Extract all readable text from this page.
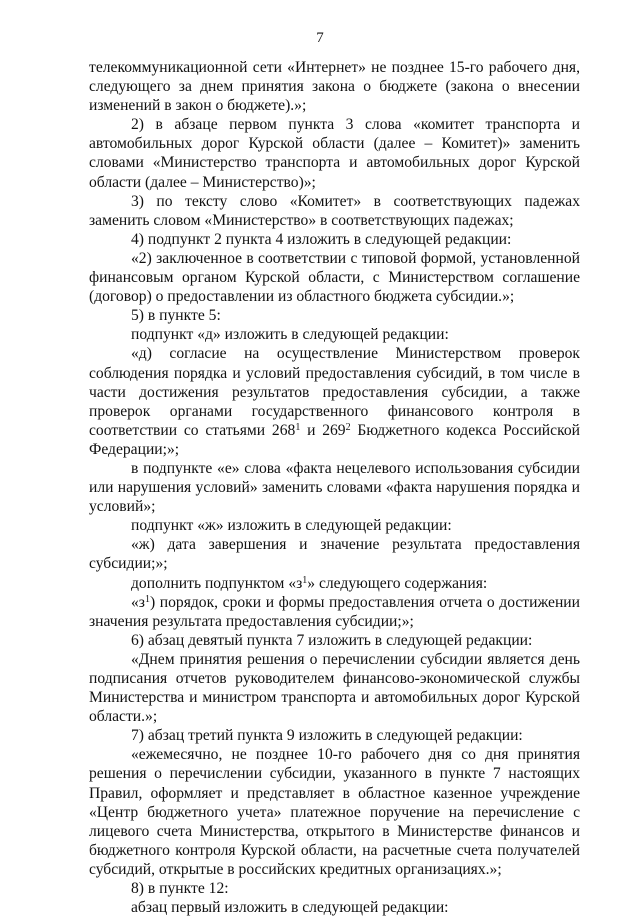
7

телекоммуникационной сети «Интернет» не позднее 15-го рабочего дня, следующего за днем принятия закона о бюджете (закона о внесении изменений в закон о бюджете).»;

2) в абзаце первом пункта 3 слова «комитет транспорта и автомобильных дорог Курской области (далее – Комитет)» заменить словами «Министерство транспорта и автомобильных дорог Курской области (далее – Министерство)»;

3) по тексту слово «Комитет» в соответствующих падежах заменить словом «Министерство» в соответствующих падежах;

4) подпункт 2 пункта 4 изложить в следующей редакции:

«2) заключенное в соответствии с типовой формой, установленной финансовым органом Курской области, с Министерством соглашение (договор) о предоставлении из областного бюджета субсидии.»;

5) в пункте 5:

подпункт «д» изложить в следующей редакции:

«д) согласие на осуществление Министерством проверок соблюдения порядка и условий предоставления субсидий, в том числе в части достижения результатов предоставления субсидии, а также проверок органами государственного финансового контроля в соответствии со статьями $268^1$ и $269^2$ Бюджетного кодекса Российской Федерации;»;

в подпункте «е» слова «факта нецелевого использования субсидии или нарушения условий» заменить словами «факта нарушения порядка и условий»;

подпункт «ж» изложить в следующей редакции:

«ж) дата завершения и значение результата предоставления субсидии;»;

дополнить подпунктом «$з^1$» следующего содержания:

«$з^1$) порядок, сроки и формы предоставления отчета о достижении значения результата предоставления субсидии;»;

6) абзац девятый пункта 7 изложить в следующей редакции:

«Днем принятия решения о перечислении субсидии является день подписания отчетов руководителем финансово-экономической службы Министерства и министром транспорта и автомобильных дорог Курской области.»;

7) абзац третий пункта 9 изложить в следующей редакции:

«ежемесячно, не позднее 10-го рабочего дня со дня принятия решения о перечислении субсидии, указанного в пункте 7 настоящих Правил, оформляет и представляет в областное казенное учреждение «Центр бюджетного учета» платежное поручение на перечисление с лицевого счета Министерства, открытого в Министерстве финансов и бюджетного контроля Курской области, на расчетные счета получателей субсидий, открытые в российских кредитных организациях.»;

8) в пункте 12:

абзац первый изложить в следующей редакции:
